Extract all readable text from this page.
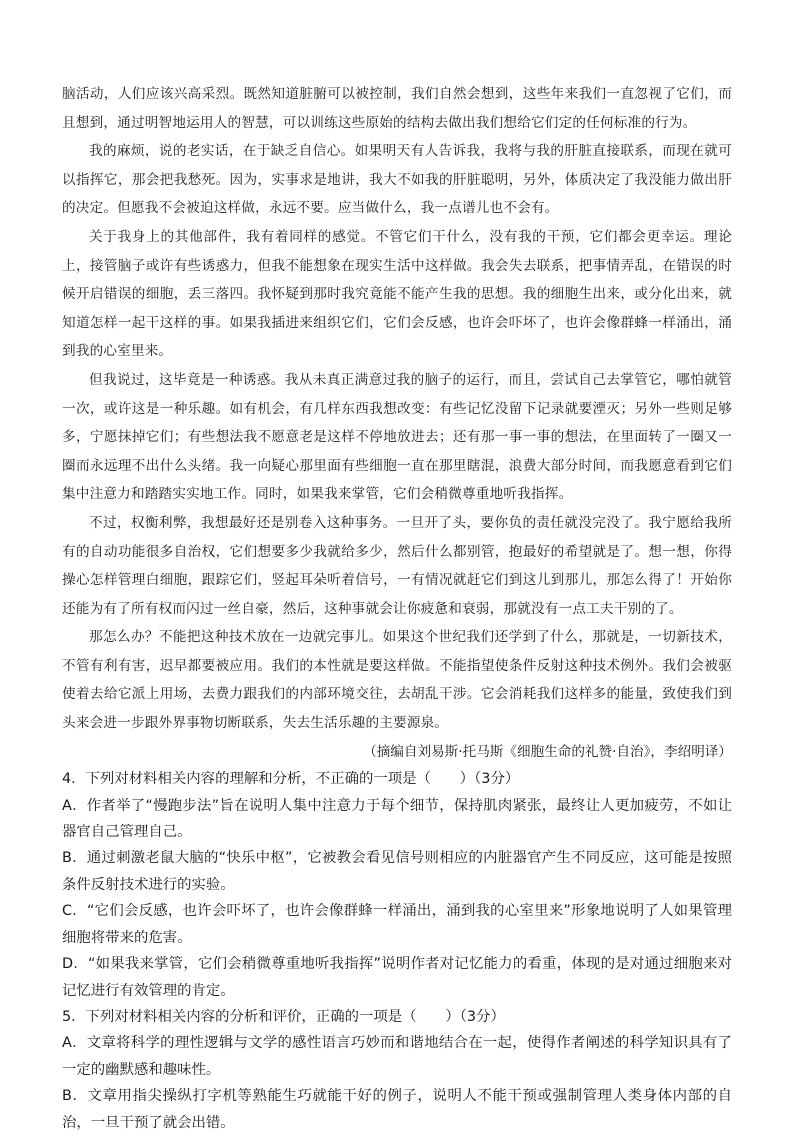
脑活动，人们应该兴高采烈。既然知道脏腑可以被控制，我们自然会想到，这些年来我们一直忽视了它们，而且想到，通过明智地运用人的智慧，可以训练这些原始的结构去做出我们想给它们定的任何标准的行为。

我的麻烦，说的老实话，在于缺乏自信心。如果明天有人告诉我，我将与我的肝脏直接联系，而现在就可以指挥它，那会把我愁死。因为，实事求是地讲，我大不如我的肝脏聪明，另外，体质决定了我没能力做出肝的决定。但愿我不会被迫这样做，永远不要。应当做什么，我一点谱儿也不会有。

关于我身上的其他部件，我有着同样的感觉。不管它们干什么，没有我的干预，它们都会更幸运。理论上，接管脑子或许有些诱惑力，但我不能想象在现实生活中这样做。我会失去联系，把事情弄乱，在错误的时候开启错误的细胞，丢三落四。我怀疑到那时我究竟能不能产生我的思想。我的细胞生出来，或分化出来，就知道怎样一起干这样的事。如果我插进来组织它们，它们会反感，也许会吓坏了，也许会像群蜂一样涌出，涌到我的心室里来。

但我说过，这毕竟是一种诱惑。我从未真正满意过我的脑子的运行，而且，尝试自己去掌管它，哪怕就管一次，或许这是一种乐趣。如有机会，有几样东西我想改变：有些记忆没留下记录就要湮灭；另外一些则足够多，宁愿抹掉它们；有些想法我不愿意老是这样不停地放进去；还有那一事一事的想法，在里面转了一圈又一圈而永远理不出什么头绪。我一向疑心那里面有些细胞一直在那里瞎混，浪费大部分时间，而我愿意看到它们集中注意力和踏踏实实地工作。同时，如果我来掌管，它们会稍微尊重地听我指挥。

不过，权衡利弊，我想最好还是别卷入这种事务。一旦开了头，要你负的责任就没完没了。我宁愿给我所有的自动功能很多自治权，它们想要多少我就给多少，然后什么都别管，抱最好的希望就是了。想一想，你得操心怎样管理白细胞，跟踪它们，竖起耳朵听着信号，一有情况就赶它们到这儿到那儿，那怎么得了！开始你还能为有了所有权而闪过一丝自豪，然后，这种事就会让你疲惫和衰弱，那就没有一点工夫干别的了。

那怎么办？不能把这种技术放在一边就完事儿。如果这个世纪我们还学到了什么，那就是，一切新技术，不管有利有害，迟早都要被应用。我们的本性就是要这样做。不能指望使条件反射这种技术例外。我们会被驱使着去给它派上用场，去费力跟我们的内部环境交往，去胡乱干涉。它会消耗我们这样多的能量，致使我们到头来会进一步跟外界事物切断联系，失去生活乐趣的主要源泉。

（摘编自刘易斯·托马斯《细胞生命的礼赞·自治》，李绍明译）

4．下列对材料相关内容的理解和分析，不正确的一项是（　　）（3分）

A．作者举了“慢跑步法”旨在说明人集中注意力于每个细节，保持肌肉紧张，最终让人更加疲劳，不如让器官自己管理自己。

B．通过刺激老鼠大脑的“快乐中枢”，它被教会看见信号则相应的内脏器官产生不同反应，这可能是按照条件反射技术进行的实验。

C．“它们会反感，也许会吓坏了，也许会像群蜂一样涌出，涌到我的心室里来”形象地说明了人如果管理细胞将带来的危害。

D．“如果我来掌管，它们会稍微尊重地听我指挥”说明作者对记忆能力的看重，体现的是对通过细胞来对记忆进行有效管理的肯定。

5．下列对材料相关内容的分析和评价，正确的一项是（　　）（3分）

A．文章将科学的理性逻辑与文学的感性语言巧妙而和谐地结合在一起，使得作者阐述的科学知识具有了一定的幽默感和趣味性。

B．文章用指尖操纵打字机等熟能生巧就能干好的例子，说明人不能干预或强制管理人类身体内部的自治，一旦干预了就会出错。
